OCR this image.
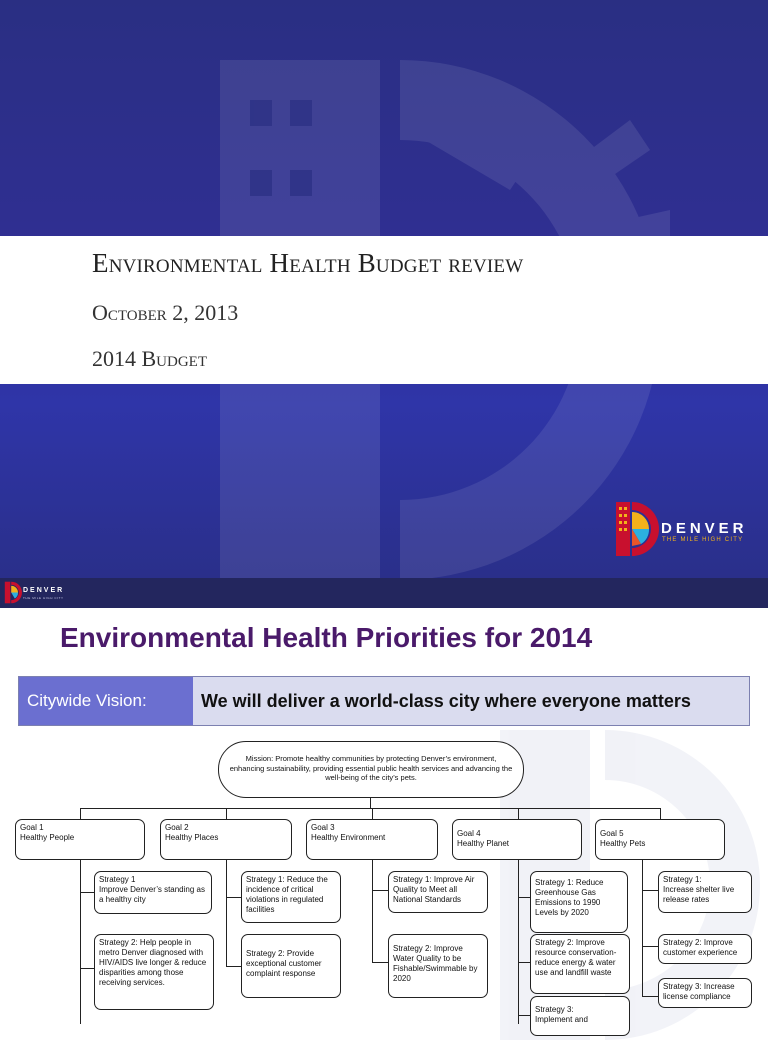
Environmental Health Budget review
October 2, 2013
2014 Budget
DENVER
THE MILE HIGH CITY
DENVER
THE MILE HIGH CITY
Environmental Health Priorities for 2014
Citywide Vision:	We will deliver a world-class city where everyone matters
Mission: Promote healthy communities by protecting Denver’s environment, enhancing sustainability, providing essential public health services and advancing the well-being of the city’s pets.
Goal 1
Healthy People
Goal 2
Healthy Places
Goal 3
Healthy Environment	Goal 4
Healthy Planet
Goal 5
Healthy Pets
Strategy 1
Improve Denver’s standing as a healthy city
Strategy 2: Help people in metro Denver diagnosed with HIV/AIDS live longer & reduce disparities among those receiving services.
Strategy 1: Reduce the incidence of critical violations in regulated facilities
Strategy 2: Provide exceptional customer complaint response
Strategy 1: Improve Air Quality to Meet all National Standards
Strategy 2: Improve Water Quality to be Fishable/Swimmable by 2020
Strategy 1: Reduce Greenhouse Gas Emissions to 1990 Levels by 2020
Strategy 2: Improve resource conservation- reduce energy & water use and landfill waste
Strategy 3:
Implement and
Strategy 1:
Increase shelter live release rates
Strategy 2: Improve customer experience
Strategy 3: Increase license compliance
